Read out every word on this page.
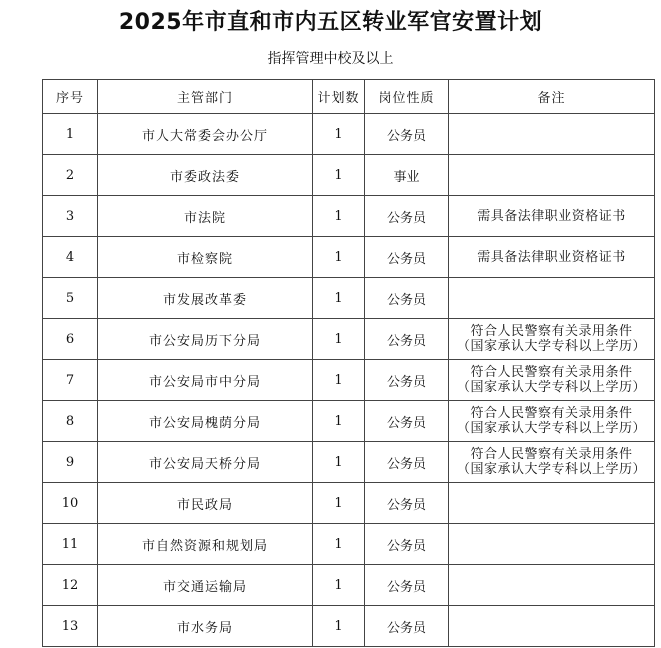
2025年市直和市内五区转业军官安置计划
指挥管理中校及以上
序号	主管部门	计划数	岗位性质	备注
1	市人大常委会办公厅	1	公务员	

2	市委政法委	1	事业	

3	市法院	1	公务员	需具备法律职业资格证书

4	市检察院	1	公务员	需具备法律职业资格证书

5	市发展改革委	1	公务员	

6	市公安局历下分局	1	公务员	符合人民警察有关录用条件
（国家承认大学专科以上学历）

7	市公安局市中分局	1	公务员	符合人民警察有关录用条件
（国家承认大学专科以上学历）

8	市公安局槐荫分局	1	公务员	符合人民警察有关录用条件
（国家承认大学专科以上学历）

9	市公安局天桥分局	1	公务员	符合人民警察有关录用条件
（国家承认大学专科以上学历）

10	市民政局	1	公务员	

11	市自然资源和规划局	1	公务员	

12	市交通运输局	1	公务员	

13	市水务局	1	公务员	
